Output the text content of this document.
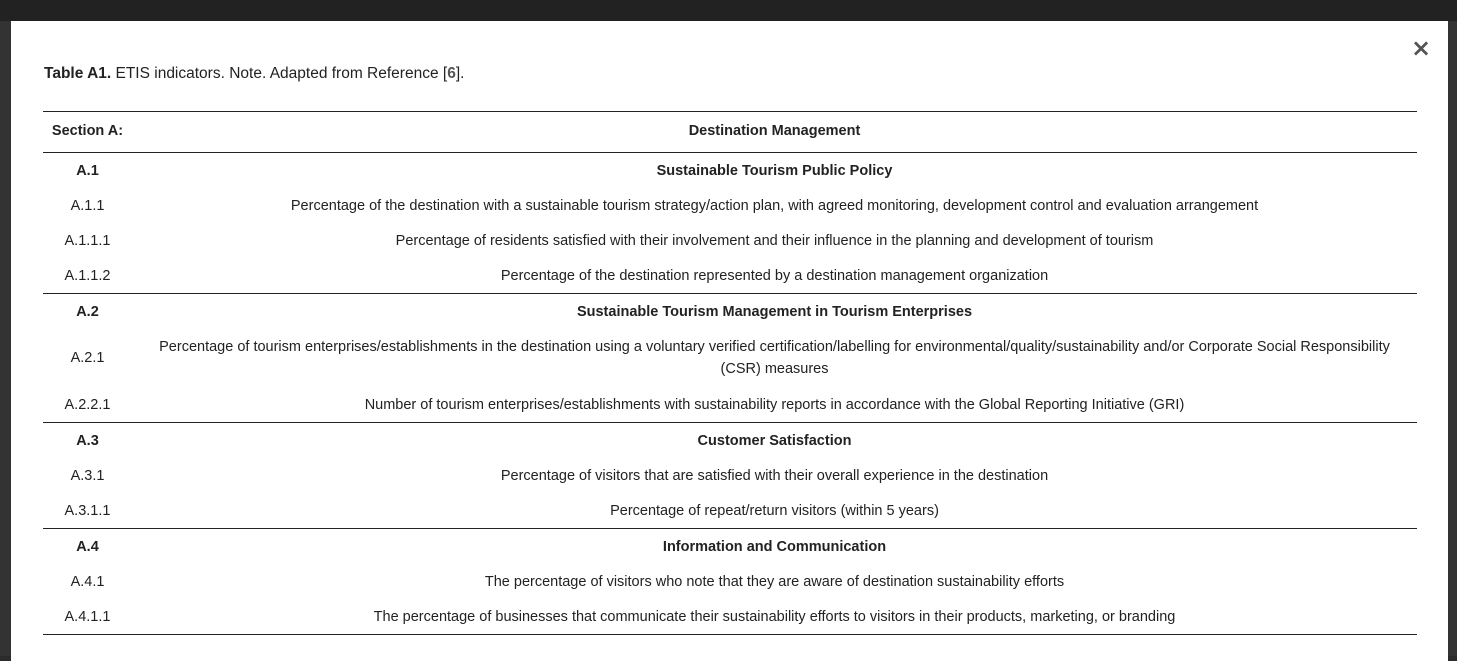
×
Table A1. ETIS indicators. Note. Adapted from Reference [6].
Section A:	Destination Management
A.1	Sustainable Tourism Public Policy
A.1.1	Percentage of the destination with a sustainable tourism strategy/action plan, with agreed monitoring, development control and evaluation arrangement
A.1.1.1	Percentage of residents satisfied with their involvement and their influence in the planning and development of tourism
A.1.1.2	Percentage of the destination represented by a destination management organization
A.2	Sustainable Tourism Management in Tourism Enterprises
A.2.1	Percentage of tourism enterprises/establishments in the destination using a voluntary verified certification/labelling for environmental/quality/sustainability and/or Corporate Social Responsibility (CSR) measures
A.2.2.1	Number of tourism enterprises/establishments with sustainability reports in accordance with the Global Reporting Initiative (GRI)
A.3	Customer Satisfaction
A.3.1	Percentage of visitors that are satisfied with their overall experience in the destination
A.3.1.1	Percentage of repeat/return visitors (within 5 years)
A.4	Information and Communication
A.4.1	The percentage of visitors who note that they are aware of destination sustainability efforts
A.4.1.1	The percentage of businesses that communicate their sustainability efforts to visitors in their products, marketing, or branding
